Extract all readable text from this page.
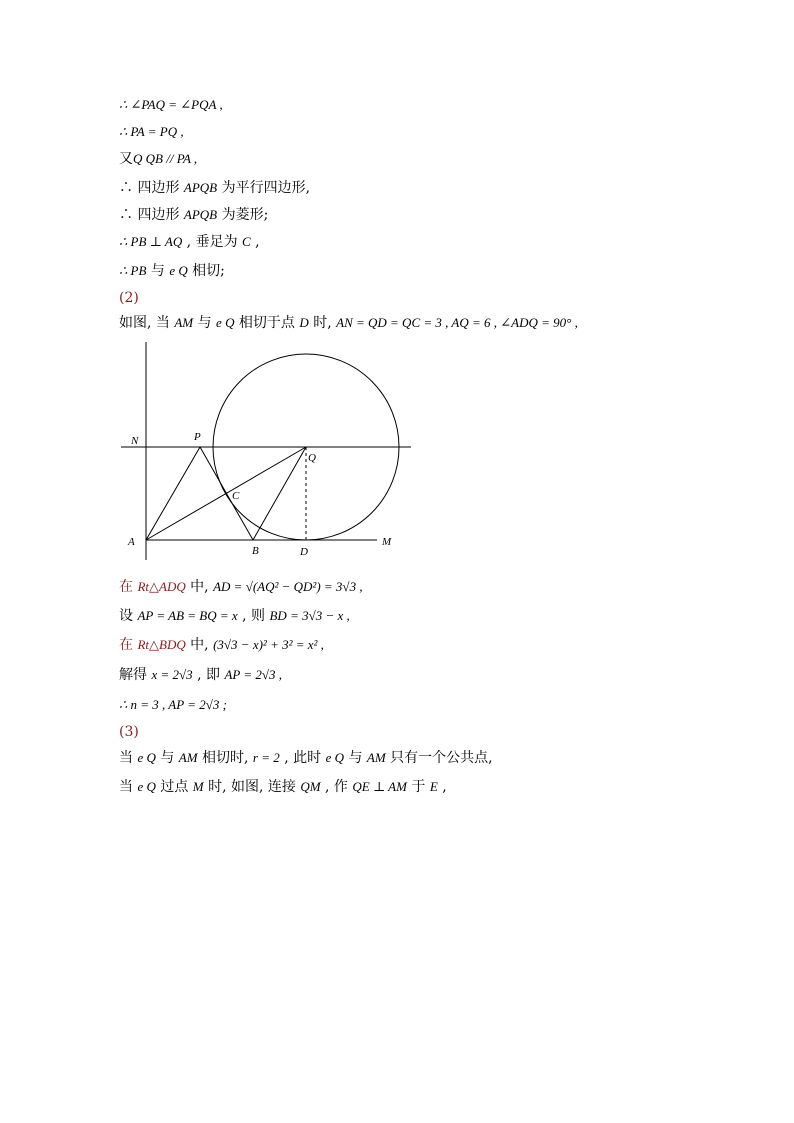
∴ ∠PAQ = ∠PQA ,
∴ PA = PQ ,
又Q QB // PA ,
∴ 四边形 APQB 为平行四边形,
∴ 四边形 APQB 为菱形;
∴ PB ⊥ AQ , 垂足为 C ,
∴ PB 与 e Q 相切;
(2)
如图, 当 AM 与 e Q 相切于点 D 时, AN = QD = QC = 3 , AQ = 6 , ∠ADQ = 90° ,
在 Rt△ADQ 中, AD = √(AQ² − QD²) = 3√3 ,
设 AP = AB = BQ = x , 则 BD = 3√3 − x ,
在 Rt△BDQ 中, (3√3 − x)² + 3² = x² ,
解得 x = 2√3 , 即 AP = 2√3 ,
∴ n = 3 , AP = 2√3 ;
(3)
当 e Q 与 AM 相切时, r = 2 , 此时 e Q 与 AM 只有一个公共点,
当 e Q 过点 M 时, 如图, 连接 QM , 作 QE ⊥ AM 于 E ,
N	P
Q
C
A
B	D
M
